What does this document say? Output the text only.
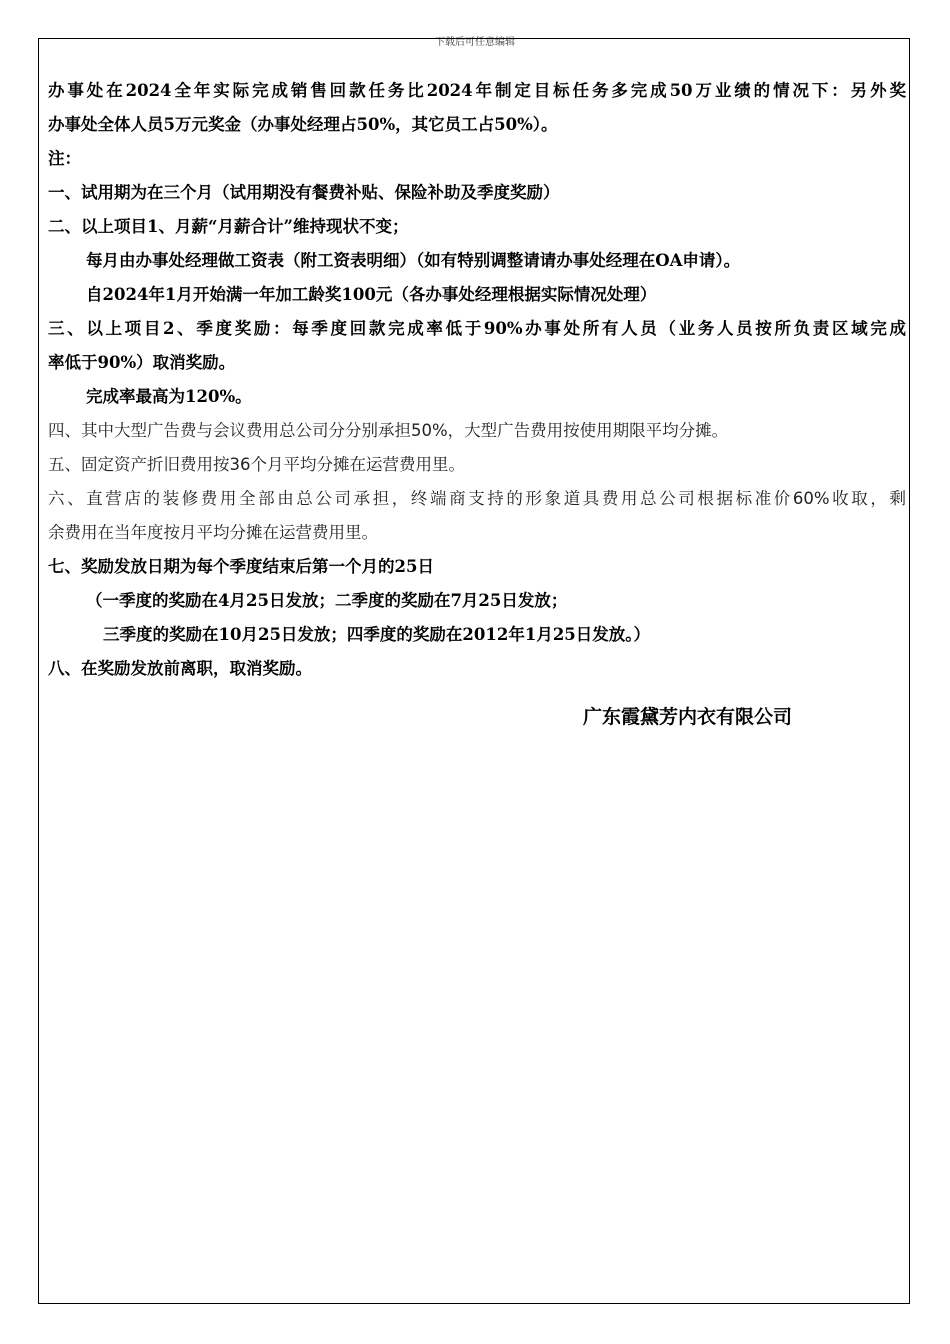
下载后可任意编辑
办事处在2024全年实际完成销售回款任务比2024年制定目标任务多完成50万业绩的情况下：另外奖
办事处全体人员5万元奖金（办事处经理占50%，其它员工占50%）。
注：
一、试用期为在三个月（试用期没有餐费补贴、保险补助及季度奖励）
二、以上项目1、月薪“月薪合计”维持现状不变；
每月由办事处经理做工资表（附工资表明细）（如有特别调整请请办事处经理在OA申请）。
自2024年1月开始满一年加工龄奖100元（各办事处经理根据实际情况处理）
三、以上项目2、季度奖励：每季度回款完成率低于90%办事处所有人员（业务人员按所负责区域完成
率低于90%）取消奖励。
完成率最高为120%。
四、其中大型广告费与会议费用总公司分分别承担50%，大型广告费用按使用期限平均分摊。
五、固定资产折旧费用按36个月平均分摊在运营费用里。
六、直营店的装修费用全部由总公司承担，终端商支持的形象道具费用总公司根据标准价60%收取，剩
余费用在当年度按月平均分摊在运营费用里。
七、奖励发放日期为每个季度结束后第一个月的25日
（一季度的奖励在4月25日发放；二季度的奖励在7月25日发放；
三季度的奖励在10月25日发放；四季度的奖励在2012年1月25日发放。）
八、在奖励发放前离职，取消奖励。
广东霞黛芳内衣有限公司
